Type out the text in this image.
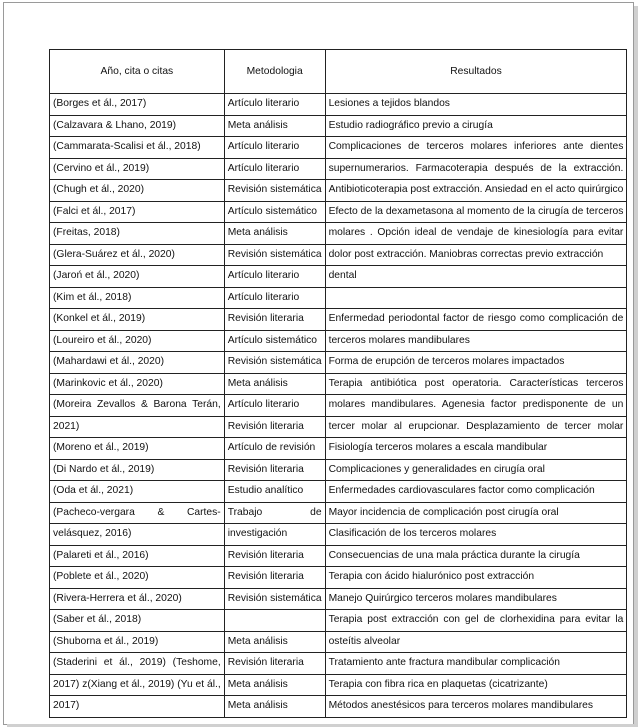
Año, cita o citas	Metodologia	Resultados
(Borges et ál., 2017)	Artículo literario	Lesiones a tejidos blandos
(Calzavara & Lhano, 2019)	Meta análisis	Estudio radiográfico previo a cirugía
(Cammarata-Scalisi et ál., 2018)	Artículo literario	Complicaciones de terceros molares inferiores ante dientes
(Cervino et ál., 2019)	Artículo literario	supernumerarios. Farmacoterapia después de la extracción.
(Chugh et ál., 2020)	Revisión sistemática	Antibioticoterapia post extracción. Ansiedad en el acto quirúrgico
(Falci et ál., 2017)	Artículo sistemático	Efecto de la dexametasona al momento de la cirugía de terceros
(Freitas, 2018)	Meta análisis	molares . Opción ideal de vendaje de kinesiología para evitar
(Glera-Suárez et ál., 2020)	Revisión sistemática	dolor post extracción. Maniobras correctas previo extracción
(Jaroń et ál., 2020)	Artículo literario	dental
(Kim et ál., 2018)	Artículo literario	
(Konkel et ál., 2019)	Revisión literaria	Enfermedad periodontal factor de riesgo como complicación de
(Loureiro et ál., 2020)	Artículo sistemático	terceros molares mandibulares
(Mahardawi et ál., 2020)	Revisión sistemática	Forma de erupción de terceros molares impactados
(Marinkovic et ál., 2020)	Meta análisis	Terapia antibiótica post operatoria. Características terceros
(Moreira Zevallos & Barona Terán,	Artículo literario	molares mandibulares. Agenesia factor predisponente de un
2021)	Revisión literaria	tercer molar al erupcionar. Desplazamiento de tercer molar
(Moreno et ál., 2019)	Artículo de revisión	Fisiología terceros molares a escala mandibular
(Di Nardo et ál., 2019)	Revisión literaria	Complicaciones y generalidades en cirugía oral
(Oda et ál., 2021)	Estudio analítico	Enfermedades cardiovasculares factor como complicación
(Pacheco-vergara & Cartes-	Trabajo de	Mayor incidencia de complicación post cirugía oral
velásquez, 2016)	investigación	Clasificación de los terceros molares
(Palareti et ál., 2016)	Revisión literaria	Consecuencias de una mala práctica durante la cirugía
(Poblete et ál., 2020)	Revisión literaria	Terapia con ácido hialurónico post extracción
(Rivera-Herrera et ál., 2020)	Revisión sistemática	Manejo Quirúrgico terceros molares mandibulares
(Saber et ál., 2018)		Terapia post extracción con gel de clorhexidina para evitar la
(Shuborna et ál., 2019)	Meta análisis	osteítis alveolar
(Staderini et ál., 2019) (Teshome,	Revisión literaria	Tratamiento ante fractura mandibular complicación
2017) z(Xiang et ál., 2019) (Yu et ál.,	Meta análisis	Terapia con fibra rica en plaquetas (cicatrizante)
2017)	Meta análisis	Métodos anestésicos para terceros molares mandibulares
